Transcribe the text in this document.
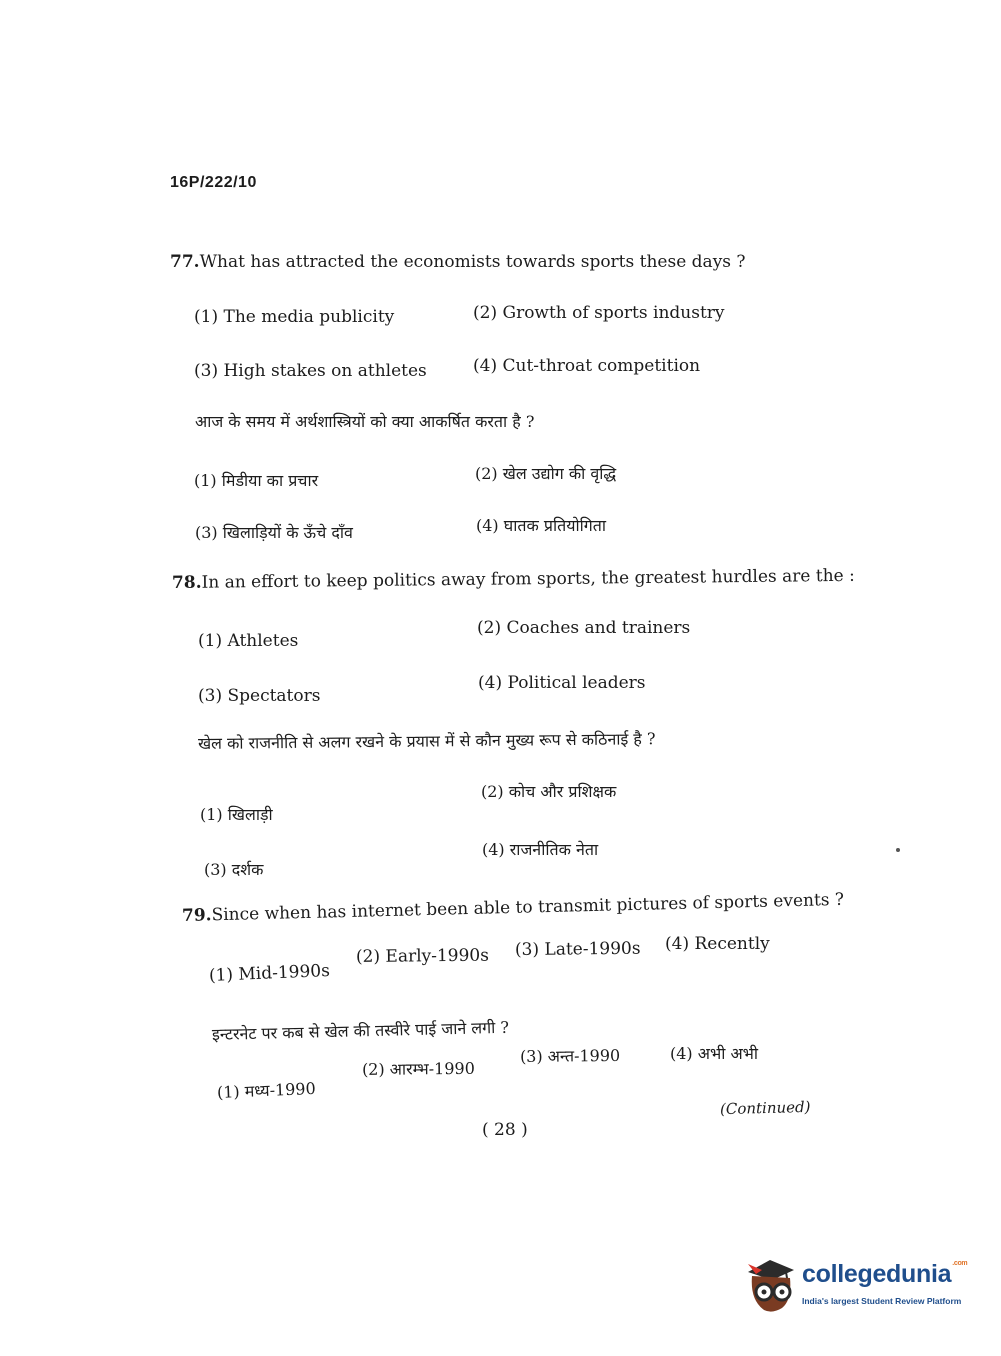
16P/222/10
77.What has attracted the economists towards sports these days ?
(1) The media publicity	(2) Growth of sports industry
(3) High stakes on athletes	(4) Cut-throat competition
आज के समय में अर्थशास्त्रियों को क्या आकर्षित करता है ?
(1) मिडीया का प्रचार	(2) खेल उद्योग की वृद्धि
(3) खिलाड़ियों के ऊँचे दाँव	(4) घातक प्रतियोगिता
78.In an effort to keep politics away from sports, the greatest hurdles are the :
(1) Athletes
(2) Coaches and trainers
(3) Spectators
(4) Political leaders
खेल को राजनीति से अलग रखने के प्रयास में से कौन मुख्य रूप से कठिनाई है ?
(1) खिलाड़ी
(2) कोच और प्रशिक्षक
(3) दर्शक
(4) राजनीतिक नेता
79.Since when has internet been able to transmit pictures of sports events ?
(1) Mid-1990s
(2) Early-1990s (3) Late-1990s (4) Recently
इन्टरनेट पर कब से खेल की तस्वीरे पाई जाने लगी ?
(1) मध्य-1990
(2) आरम्भ-1990
(3) अन्त-1990	(4) अभी अभी
(Continued)
( 28 )
collegedunia$^{.com}$
India's largest Student Review Platform
